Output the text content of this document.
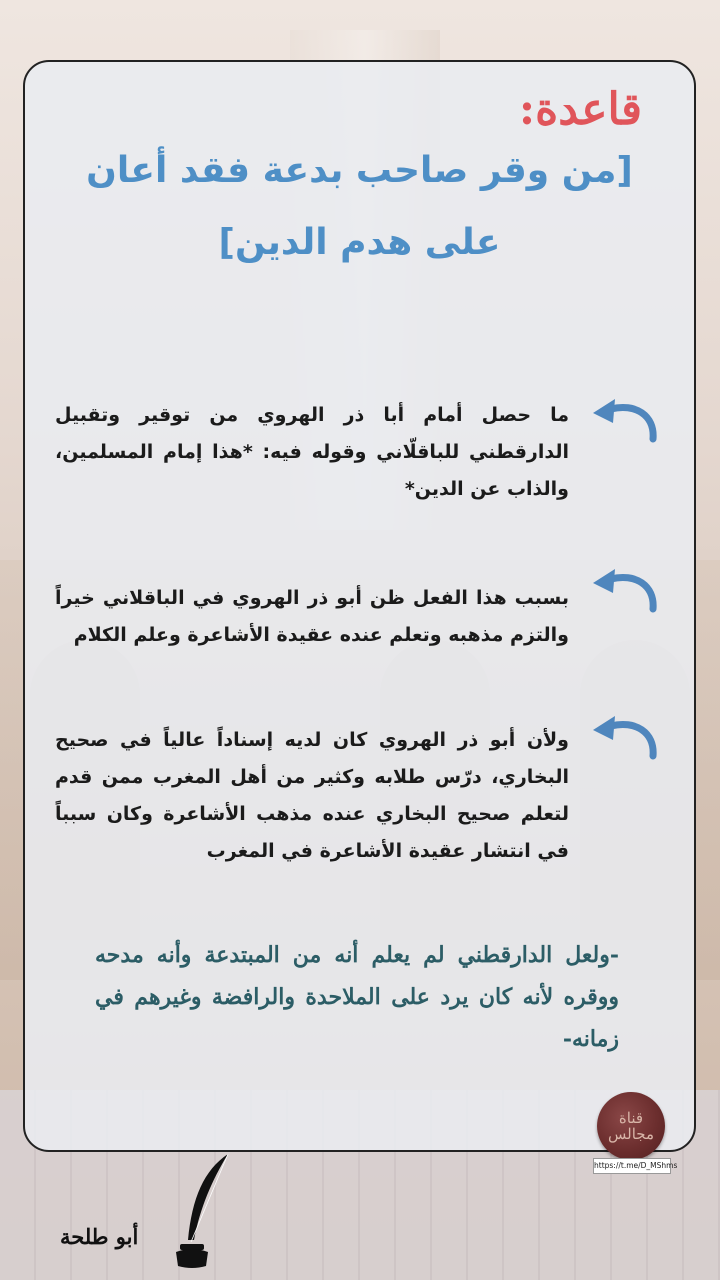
قاعدة:
[من وقر صاحب بدعة فقد أعان
على هدم الدين]

ما حصل أمام أبا ذر الهروي من توقير وتقبيل الدارقطني للباقلّاني وقوله فيه: *هذا إمام المسلمين، والذاب عن الدين*

بسبب هذا الفعل ظن أبو ذر الهروي في الباقلاني خيراً والتزم مذهبه وتعلم عنده عقيدة الأشاعرة وعلم الكلام

ولأن أبو ذر الهروي كان لديه إسناداً عالياً في صحيح البخاري، درّس طلابه وكثير من أهل المغرب ممن قدم لتعلم صحيح البخاري عنده مذهب الأشاعرة وكان سبباً في انتشار عقيدة الأشاعرة في المغرب

-ولعل الدارقطني لم يعلم أنه من المبتدعة وأنه مدحه ووقره لأنه كان يرد على الملاحدة والرافضة وغيرهم في زمانه-

قناة مجالس
https://t.me/D_MShms

أبو طلحة
